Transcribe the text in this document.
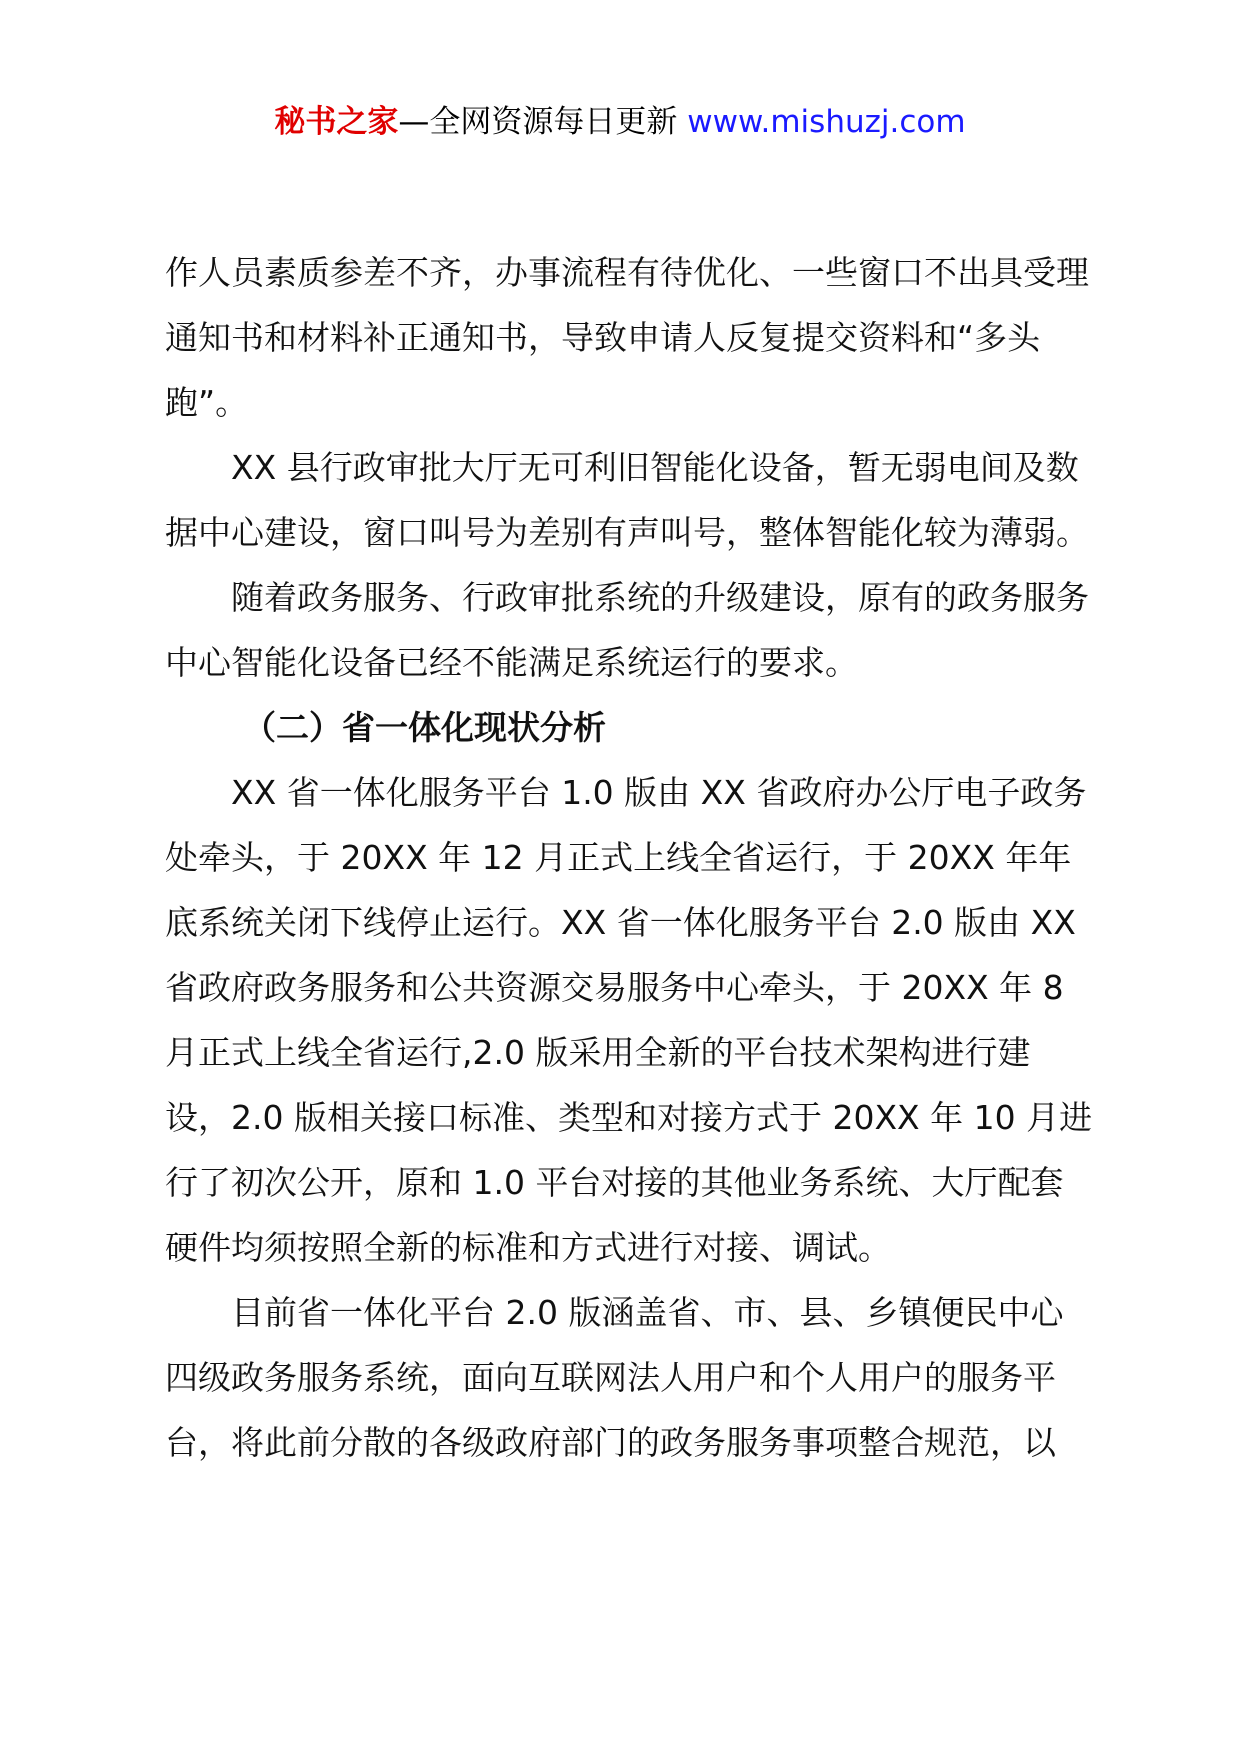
秘书之家—全网资源每日更新 www.mishuzj.com

作人员素质参差不齐，办事流程有待优化、一些窗口不出具受理通知书和材料补正通知书，导致申请人反复提交资料和“多头跑”。

XX 县行政审批大厅无可利旧智能化设备，暂无弱电间及数据中心建设，窗口叫号为差别有声叫号，整体智能化较为薄弱。

随着政务服务、行政审批系统的升级建设，原有的政务服务中心智能化设备已经不能满足系统运行的要求。

（二）省一体化现状分析

XX 省一体化服务平台 1.0 版由 XX 省政府办公厅电子政务处牵头，于 20XX 年 12 月正式上线全省运行，于 20XX 年年底系统关闭下线停止运行。XX 省一体化服务平台 2.0 版由 XX 省政府政务服务和公共资源交易服务中心牵头，于 20XX 年 8 月正式上线全省运行,2.0 版采用全新的平台技术架构进行建设，2.0 版相关接口标准、类型和对接方式于 20XX 年 10 月进行了初次公开，原和 1.0 平台对接的其他业务系统、大厅配套硬件均须按照全新的标准和方式进行对接、调试。

目前省一体化平台 2.0 版涵盖省、市、县、乡镇便民中心四级政务服务系统，面向互联网法人用户和个人用户的服务平台，将此前分散的各级政府部门的政务服务事项整合规范，以
